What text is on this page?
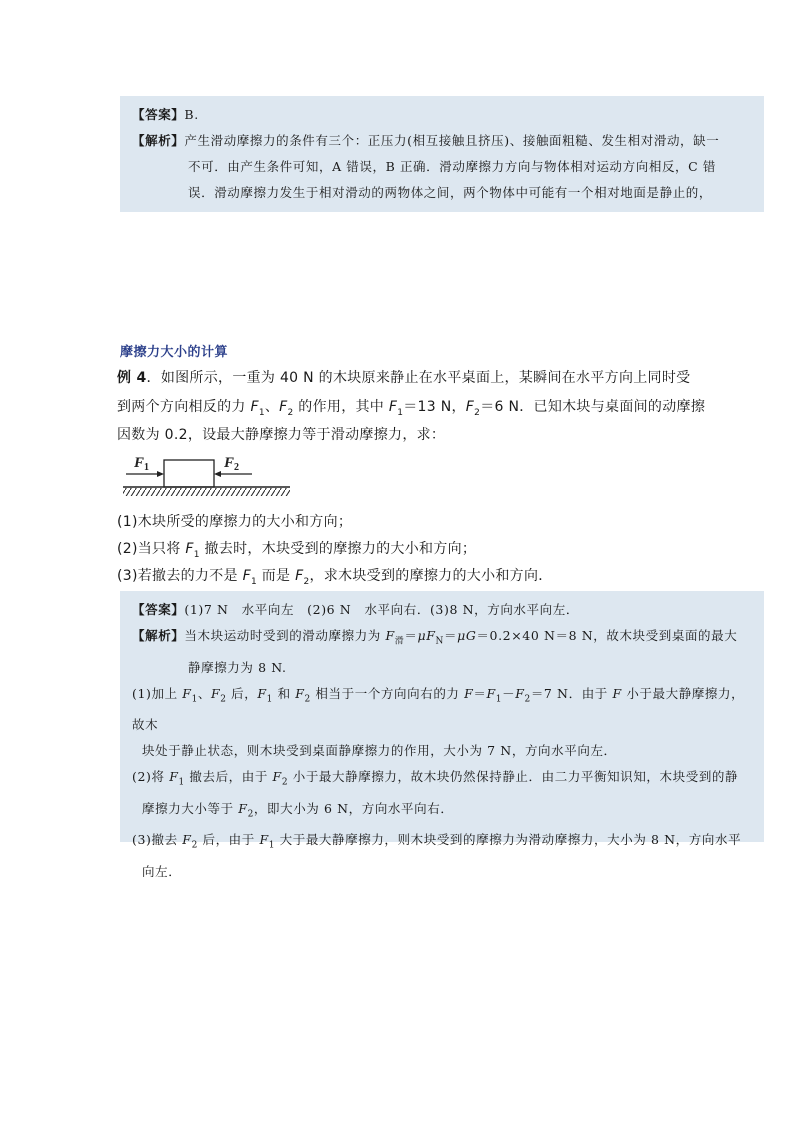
【答案】 B.
【解析】 产生滑动摩擦力的条件有三个：正压力(相互接触且挤压)、接触面粗糙、发生相对滑动，缺一
不可．由产生条件可知，A 错误，B 正确．滑动摩擦力方向与物体相对运动方向相反，C 错
误．滑动摩擦力发生于相对滑动的两物体之间，两个物体中可能有一个相对地面是静止的，
摩擦力大小的计算
例 4．如图所示，一重为 40 N 的木块原来静止在水平桌面上，某瞬间在水平方向上同时受
到两个方向相反的力 $F_1$、$F_2$ 的作用，其中 $F_1=13$ N，$F_2=6$ N．已知木块与桌面间的动摩擦
因数为 0.2，设最大静摩擦力等于滑动摩擦力，求：
$F_1$	$F_2$
(1)木块所受的摩擦力的大小和方向；
(2)当只将 $F_1$ 撤去时，木块受到的摩擦力的大小和方向；
(3)若撤去的力不是 $F_1$ 而是 $F_2$，求木块受到的摩擦力的大小和方向．
【答案】 (1)7 N　水平向左　(2)6 N　水平向右．(3)8 N，方向水平向左．
【解析】 当木块运动时受到的滑动摩擦力为 $F_滑=\mu F_N=\mu G=0.2\times 40$ N＝8 N，故木块受到桌面的最大
静摩擦力为 8 N.
(1)加上 $F_1$、$F_2$ 后，$F_1$ 和 $F_2$ 相当于一个方向向右的力 $F=F_1-F_2=7$ N．由于 F 小于最大静摩擦力，故木
块处于静止状态，则木块受到桌面静摩擦力的作用，大小为 7 N，方向水平向左．
(2)将 $F_1$ 撤去后，由于 $F_2$ 小于最大静摩擦力，故木块仍然保持静止．由二力平衡知识知，木块受到的静
摩擦力大小等于 $F_2$，即大小为 6 N，方向水平向右．
(3)撤去 $F_2$ 后，由于 $F_1$ 大于最大静摩擦力，则木块受到的摩擦力为滑动摩擦力，大小为 8 N，方向水平
向左．
